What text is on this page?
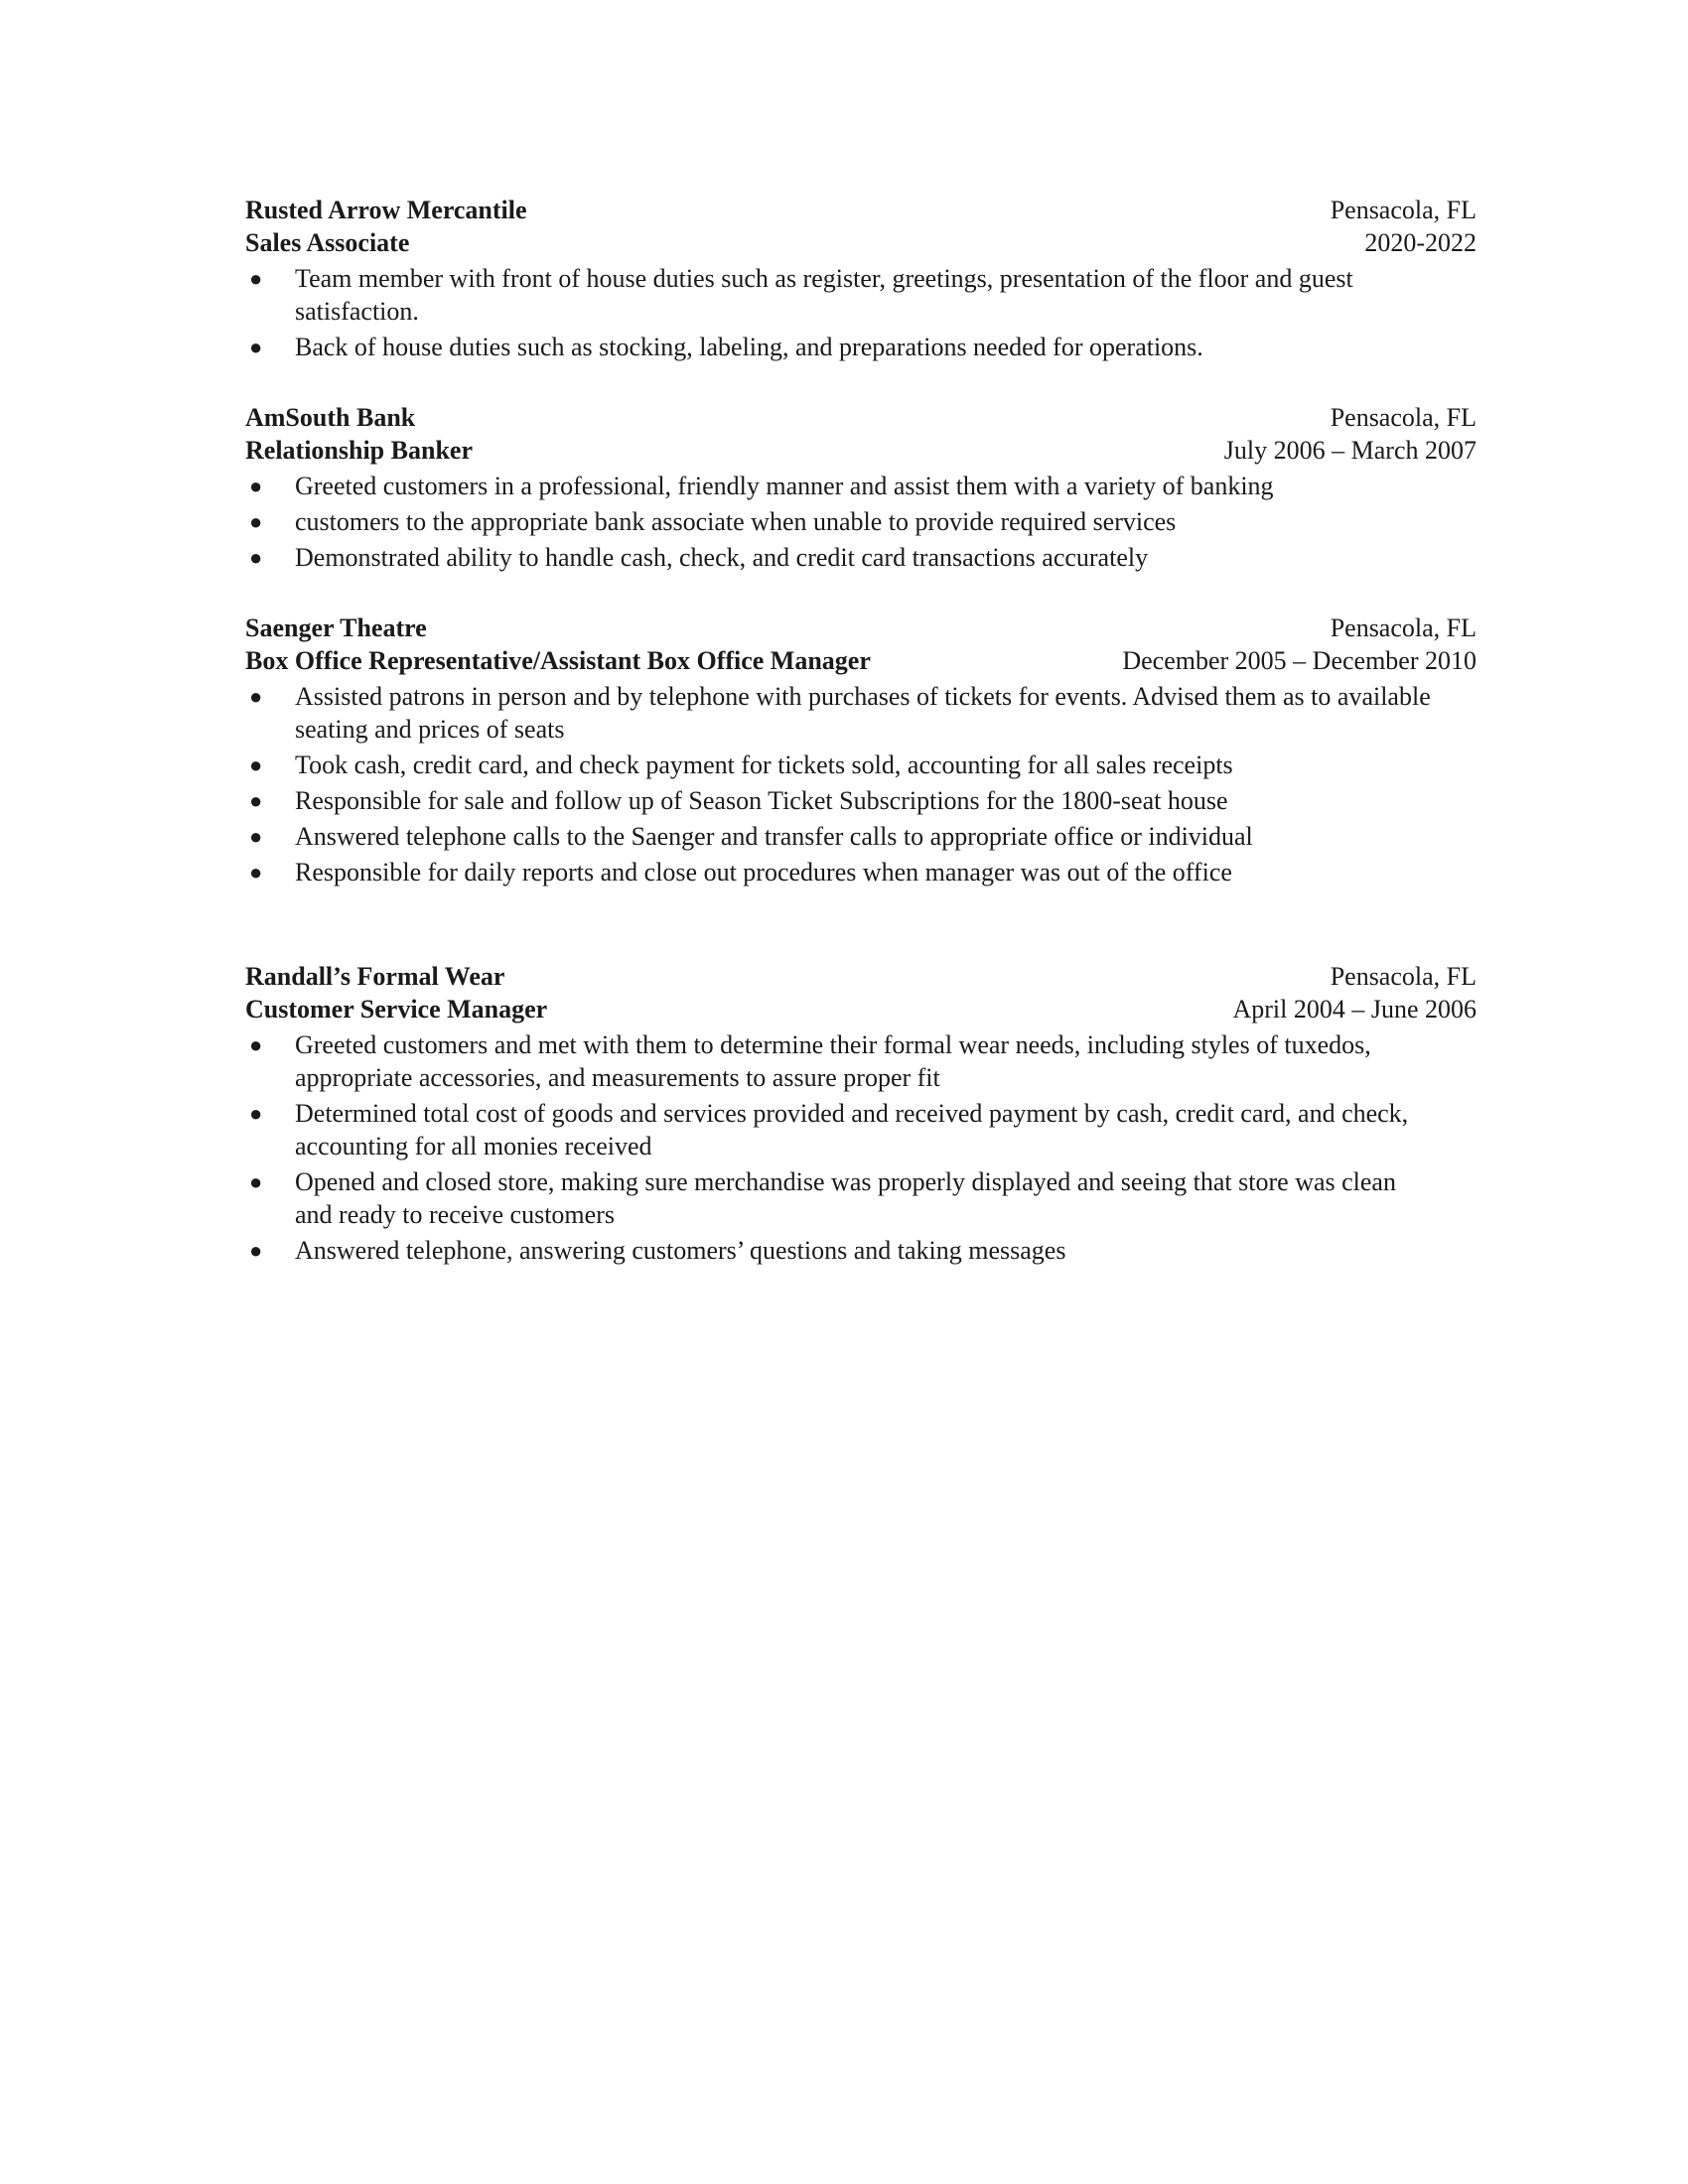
Rusted Arrow Mercantile	Pensacola, FL
Sales Associate	2020-2022
● Team member with front of house duties such as register, greetings, presentation of the floor and guest satisfaction.
● Back of house duties such as stocking, labeling, and preparations needed for operations.
AmSouth Bank	Pensacola, FL
Relationship Banker	July 2006 – March 2007
● Greeted customers in a professional, friendly manner and assist them with a variety of banking
● customers to the appropriate bank associate when unable to provide required services
● Demonstrated ability to handle cash, check, and credit card transactions accurately
Saenger Theatre	Pensacola, FL
Box Office Representative/Assistant Box Office Manager	December 2005 – December 2010
● Assisted patrons in person and by telephone with purchases of tickets for events. Advised them as to available seating and prices of seats
● Took cash, credit card, and check payment for tickets sold, accounting for all sales receipts
● Responsible for sale and follow up of Season Ticket Subscriptions for the 1800-seat house
● Answered telephone calls to the Saenger and transfer calls to appropriate office or individual
● Responsible for daily reports and close out procedures when manager was out of the office
Randall’s Formal Wear	Pensacola, FL
Customer Service Manager	April 2004 – June 2006
● Greeted customers and met with them to determine their formal wear needs, including styles of tuxedos, appropriate accessories, and measurements to assure proper fit
● Determined total cost of goods and services provided and received payment by cash, credit card, and check, accounting for all monies received
● Opened and closed store, making sure merchandise was properly displayed and seeing that store was clean and ready to receive customers
● Answered telephone, answering customers’ questions and taking messages
